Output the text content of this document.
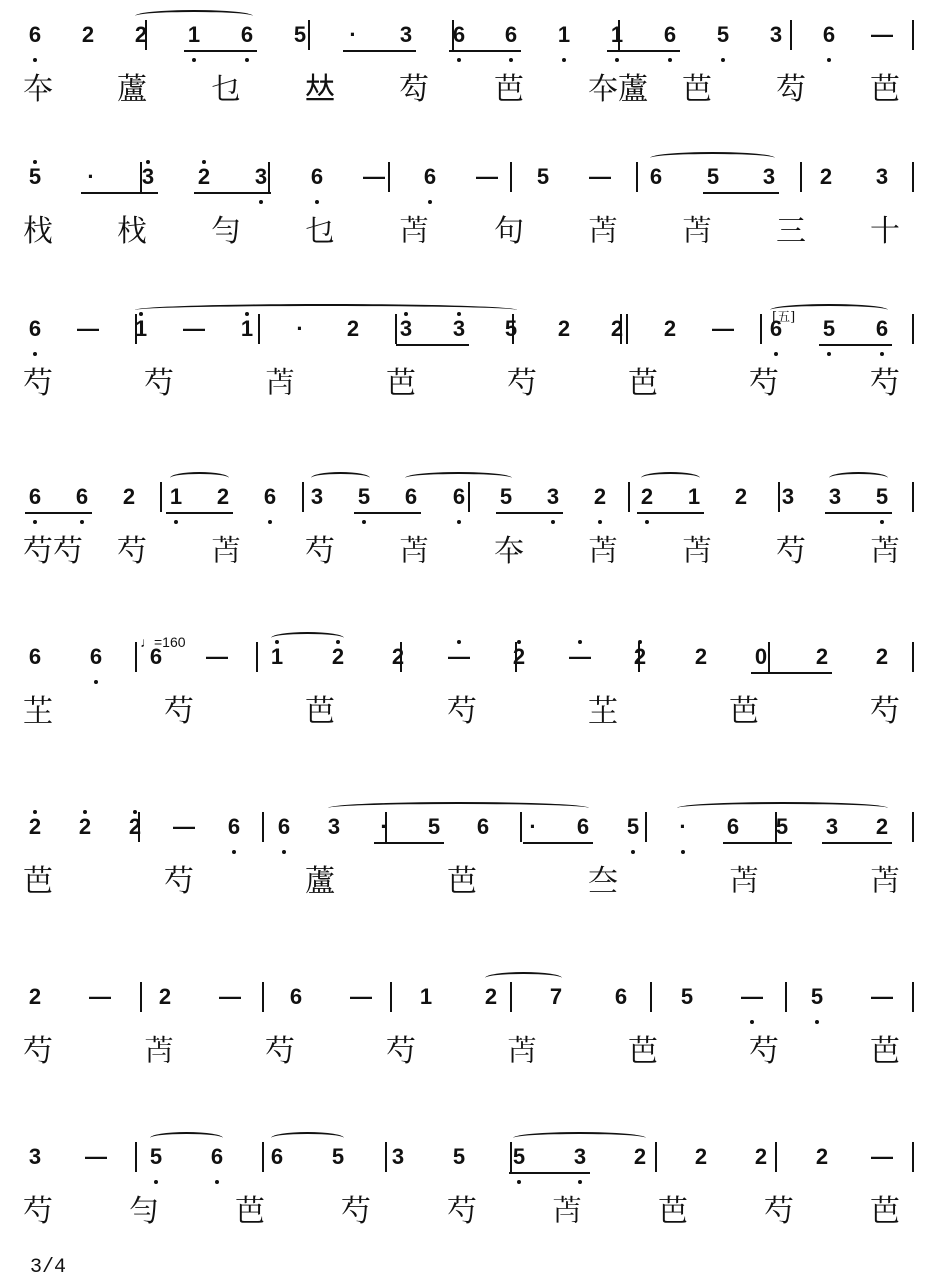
6 2 2 1 6 5	·	3 6 6 1 1 6 5 3 6 —
夲 蘆 乜 𠀤 芶 芭 夲蘆 芭 芶 芭
5	·	3 2 3 6 — 6 — 5 — 6 5 3 2 3
𣏾 𣏾 勻 乜 𦬿 句 𦬿 𦬿 三 十
6 — 1 — 1	·	2 3 3 5 2 2 2 — 6 5 6
芍	芍	𦬿	芭	芍	芭	芍	芍
6 6 2 1 2 6 3 5 6 6 5 3 2 2 1 2 3 3 5
芍芍 芍 𦬿 芍 𦬿 夲 𦬿 𦬿 芍 𦬿
6 6 6 — 1 2 2 — 2 — 2 2 0 2 2
芏	芍	芭	芍	芏	芭	芍
2 2 2 — 6 6 3	·	5 6	·	6 5	·	6 5 3 2
芭	芍	蘆	芭	夳	𦬿	𦬿
2 — 2 — 6 — 1 2 7 6 5 — 5 —
芍	𦬿	芍	芍	𦬿	芭	芍	芭
3 — 5 6 6 5 3 5 5 3 2 2 2 2 —
芍	勻	芭	芍	芍	𦬿	芭	芍	芭
[五]
♩=160
3/4
